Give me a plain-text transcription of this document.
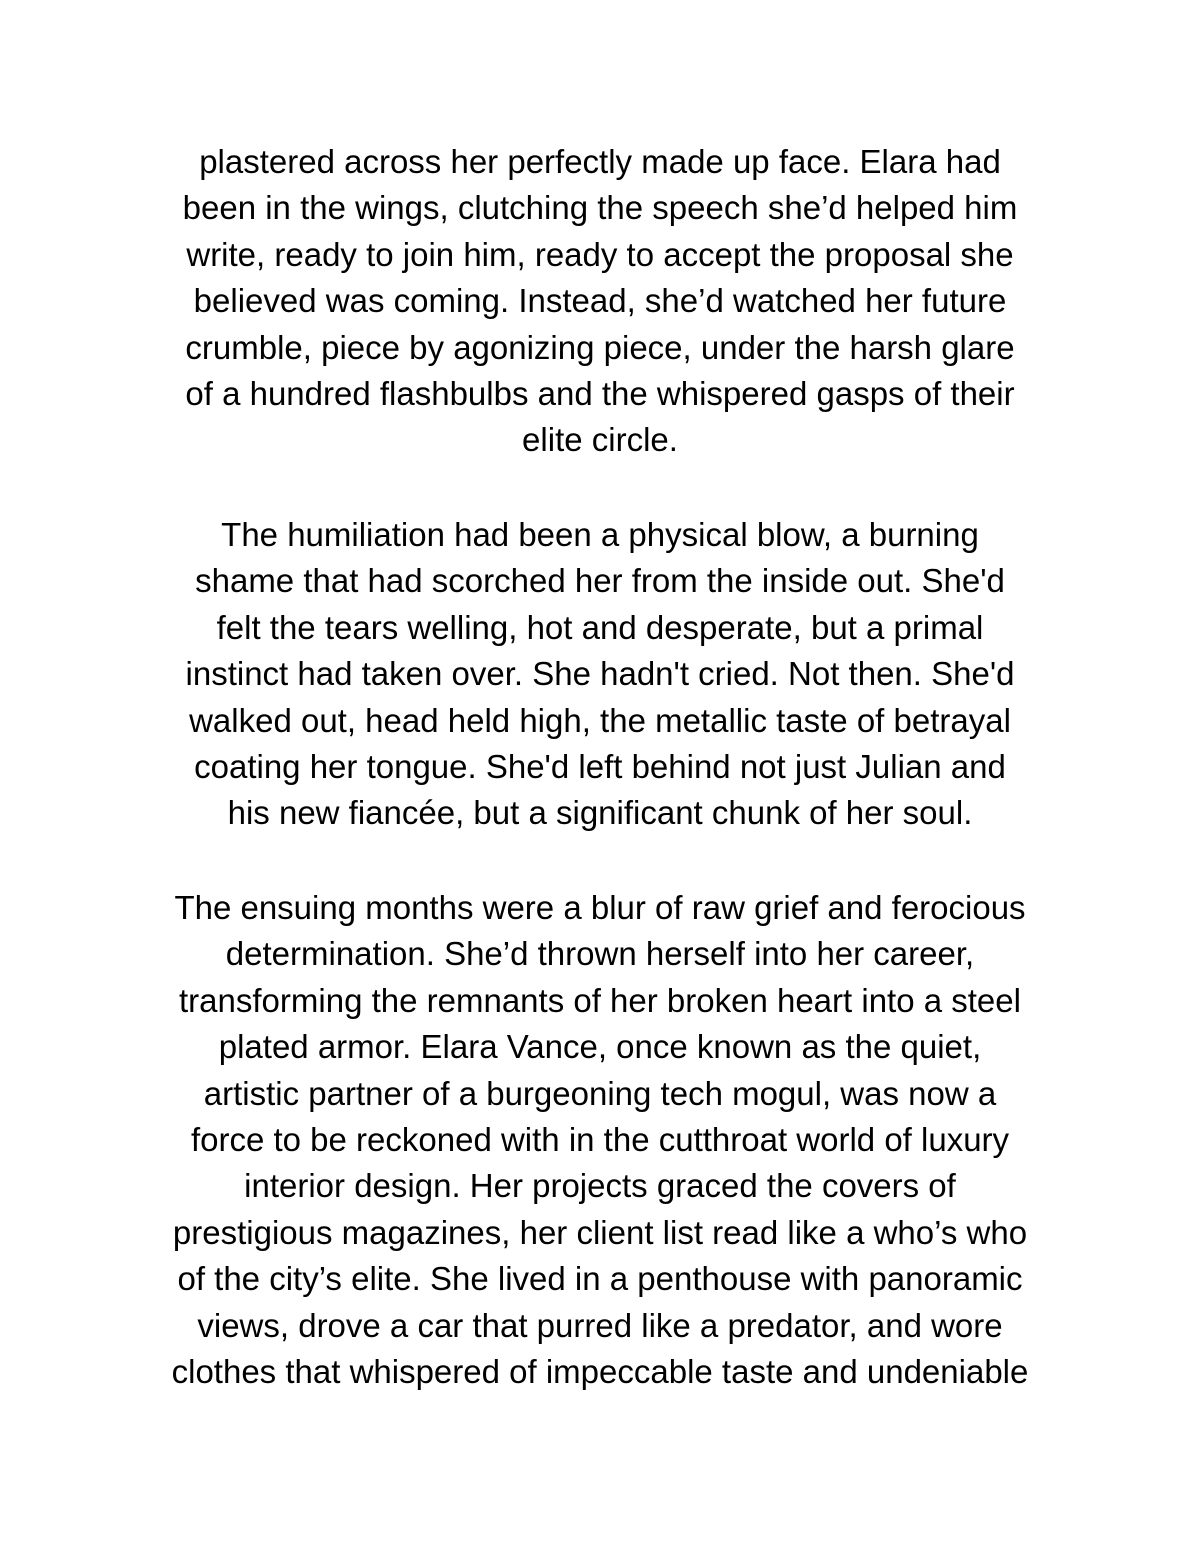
plastered across her perfectly made up face. Elara had
been in the wings, clutching the speech she’d helped him
write, ready to join him, ready to accept the proposal she
believed was coming. Instead, she’d watched her future
crumble, piece by agonizing piece, under the harsh glare
of a hundred flashbulbs and the whispered gasps of their
elite circle.
The humiliation had been a physical blow, a burning
shame that had scorched her from the inside out. She'd
felt the tears welling, hot and desperate, but a primal
instinct had taken over. She hadn't cried. Not then. She'd
walked out, head held high, the metallic taste of betrayal
coating her tongue. She'd left behind not just Julian and
his new fiancée, but a significant chunk of her soul.
The ensuing months were a blur of raw grief and ferocious
determination. She’d thrown herself into her career,
transforming the remnants of her broken heart into a steel
plated armor. Elara Vance, once known as the quiet,
artistic partner of a burgeoning tech mogul, was now a
force to be reckoned with in the cutthroat world of luxury
interior design. Her projects graced the covers of
prestigious magazines, her client list read like a who’s who
of the city’s elite. She lived in a penthouse with panoramic
views, drove a car that purred like a predator, and wore
clothes that whispered of impeccable taste and undeniable
